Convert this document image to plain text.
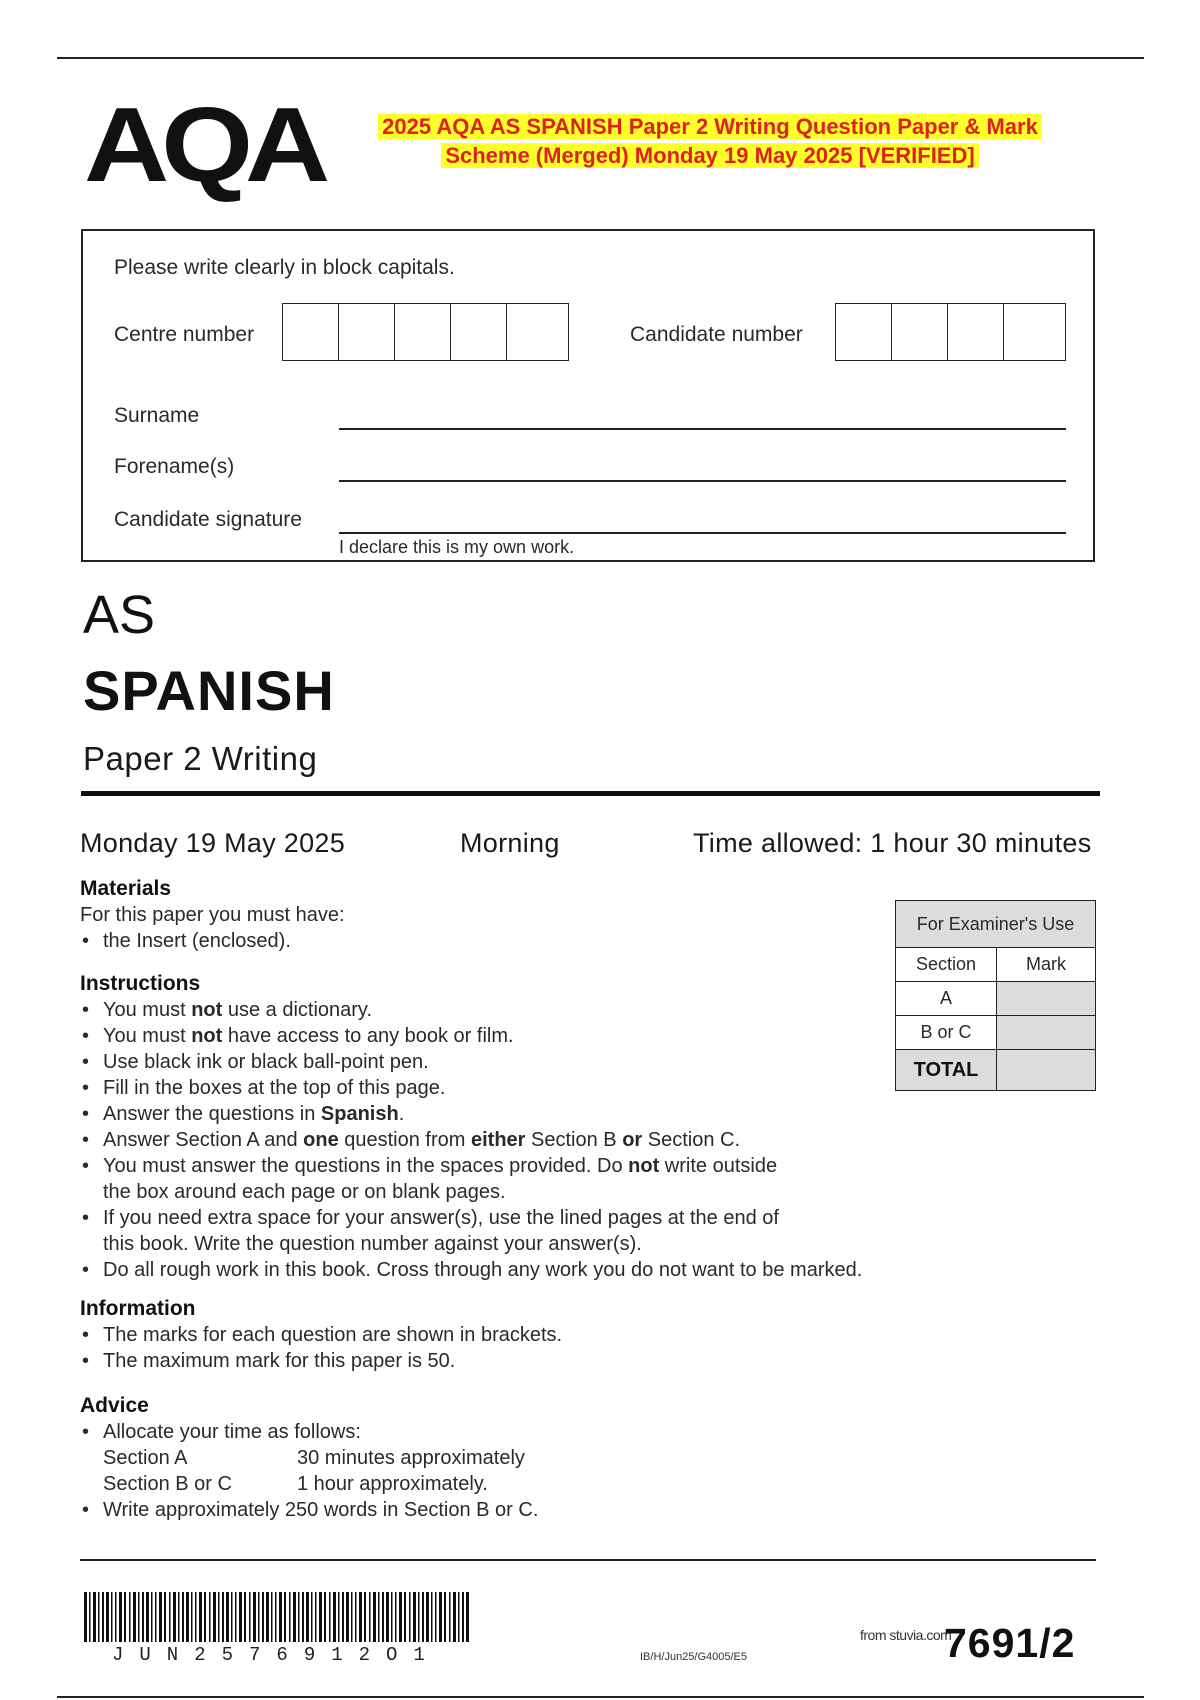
AQA	2025 AQA AS SPANISH Paper 2 Writing Question Paper & Mark Scheme (Merged) Monday 19 May 2025 [VERIFIED]
Please write clearly in block capitals.
Centre number	Candidate number
Surname
Forename(s)
Candidate signature
I declare this is my own work.
AS
SPANISH
Paper 2 Writing
Monday 19 May 2025	Morning	Time allowed: 1 hour 30 minutes
Materials
For this paper you must have:
• the Insert (enclosed).
Instructions
• You must not use a dictionary.
• You must not have access to any book or film.
• Use black ink or black ball-point pen.
• Fill in the boxes at the top of this page.
• Answer the questions in Spanish.
• Answer Section A and one question from either Section B or Section C.
• You must answer the questions in the spaces provided. Do not write outside
the box around each page or on blank pages.
• If you need extra space for your answer(s), use the lined pages at the end of
this book. Write the question number against your answer(s).
• Do all rough work in this book. Cross through any work you do not want to be marked.
Information
• The marks for each question are shown in brackets.
• The maximum mark for this paper is 50.
Advice
• Allocate your time as follows:
Section A	30 minutes approximately
Section B or C	1 hour approximately.
• Write approximately 250 words in Section B or C.
For Examiner's Use	
Section	Mark
A	
B or C	
TOTAL	
JUN2576912O1	IB/H/Jun25/G4005/E5
from stuvia.com
7691/2
